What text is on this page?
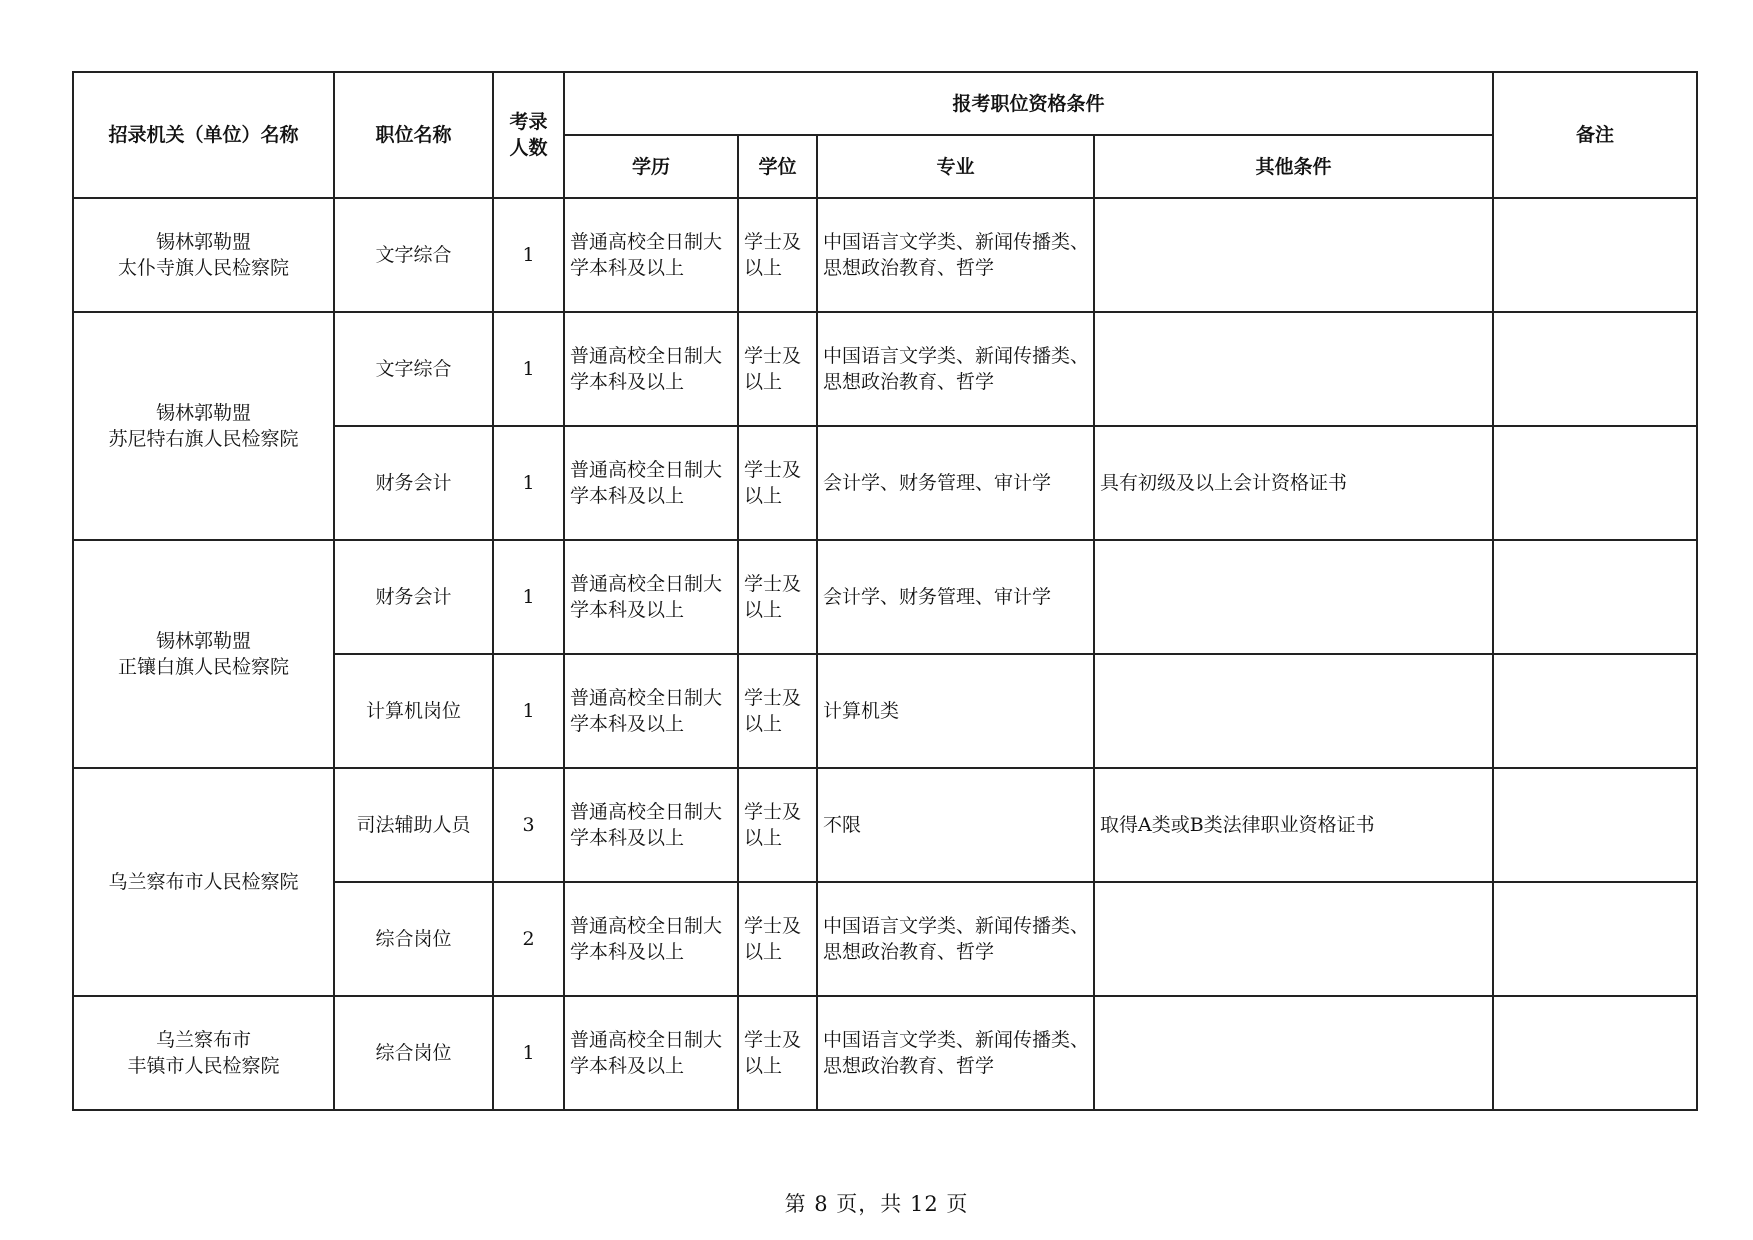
招录机关（单位）名称	职位名称	考录
人数	报考职位资格条件				备注
			学历	学位	专业	其他条件	
锡林郭勒盟
太仆寺旗人民检察院	文字综合	1	普通高校全日制大学本科及以上	学士及以上	中国语言文学类、新闻传播类、思想政治教育、哲学		
锡林郭勒盟
苏尼特右旗人民检察院	文字综合	1	普通高校全日制大学本科及以上	学士及以上	中国语言文学类、新闻传播类、思想政治教育、哲学		
	财务会计	1	普通高校全日制大学本科及以上	学士及以上	会计学、财务管理、审计学	具有初级及以上会计资格证书	
锡林郭勒盟
正镶白旗人民检察院	财务会计	1	普通高校全日制大学本科及以上	学士及以上	会计学、财务管理、审计学		
	计算机岗位	1	普通高校全日制大学本科及以上	学士及以上	计算机类		
乌兰察布市人民检察院	司法辅助人员	3	普通高校全日制大学本科及以上	学士及以上	不限	取得A类或B类法律职业资格证书	
	综合岗位	2	普通高校全日制大学本科及以上	学士及以上	中国语言文学类、新闻传播类、思想政治教育、哲学		
乌兰察布市
丰镇市人民检察院	综合岗位	1	普通高校全日制大学本科及以上	学士及以上	中国语言文学类、新闻传播类、思想政治教育、哲学		
第 8 页，共 12 页
